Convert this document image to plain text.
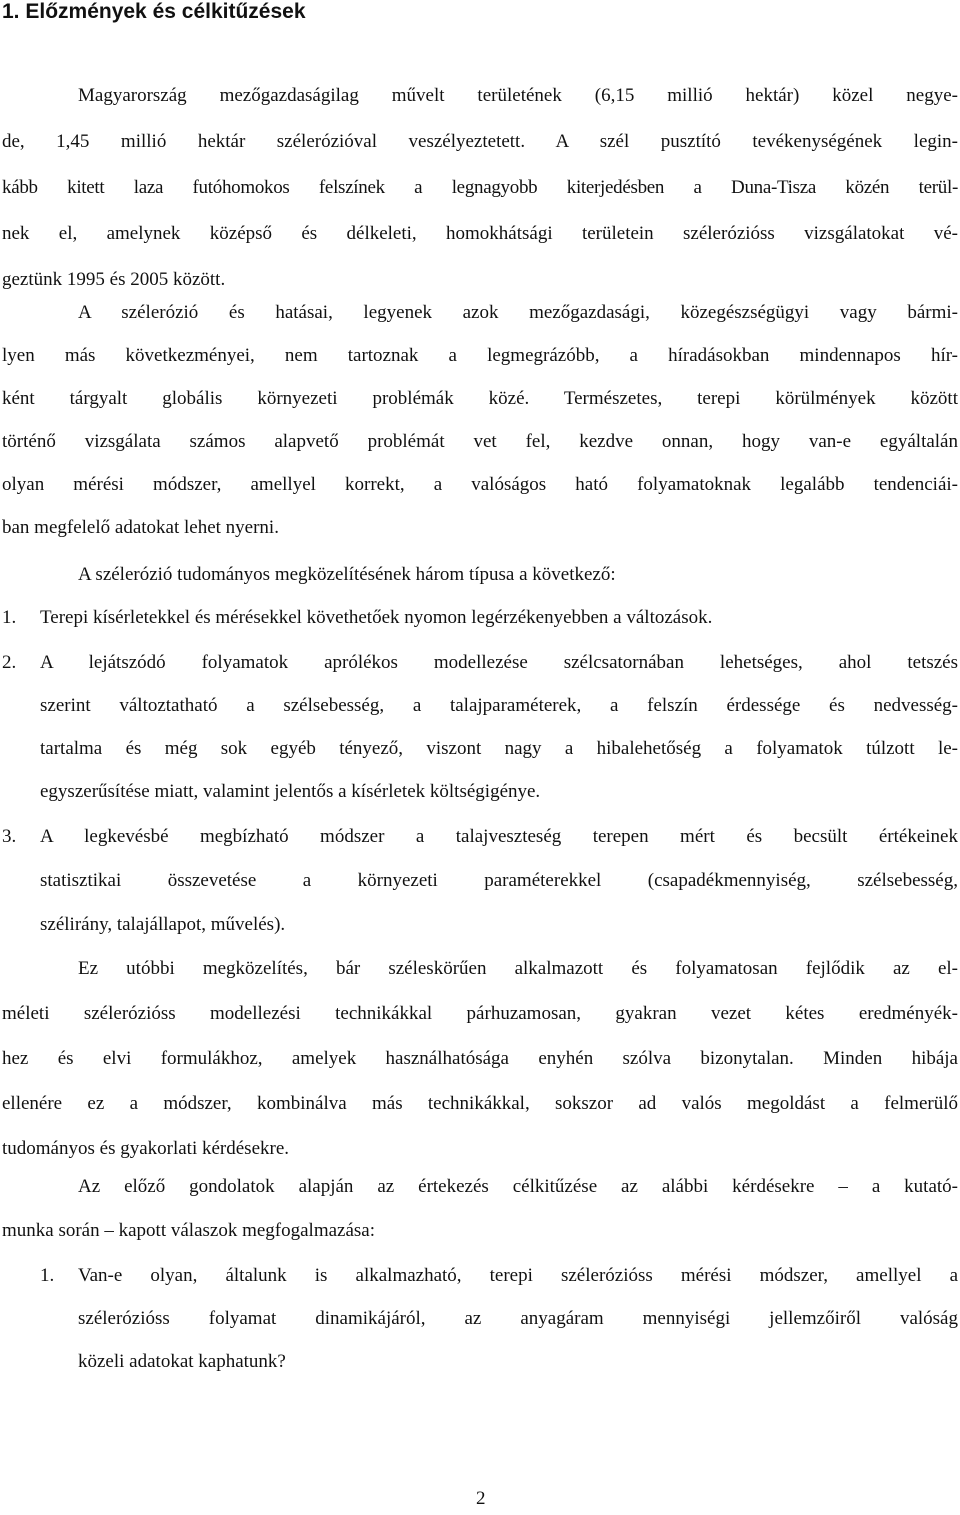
1. Előzmények és célkitűzések
Magyarország mezőgazdaságilag művelt területének (6,15 millió hektár) közel negye-
de, 1,45 millió hektár szélerózióval veszélyeztetett. A szél pusztító tevékenységének legin-
kább kitett laza futóhomokos felszínek a legnagyobb kiterjedésben a Duna-Tisza közén terül-
nek el, amelynek középső és délkeleti, homokhátsági területein szélerózióss vizsgálatokat vé-
geztünk 1995 és 2005 között.
A szélerózió és hatásai, legyenek azok mezőgazdasági, közegészségügyi vagy bármi-
lyen más következményei, nem tartoznak a legmegrázóbb, a híradásokban mindennapos hír-
ként tárgyalt globális környezeti problémák közé. Természetes, terepi körülmények között
történő vizsgálata számos alapvető problémát vet fel, kezdve onnan, hogy van-e egyáltalán
olyan mérési módszer, amellyel korrekt, a valóságos ható folyamatoknak legalább tendenciái-
ban megfelelő adatokat lehet nyerni.
A szélerózió tudományos megközelítésének három típusa a következő:
1. Terepi kísérletekkel és mérésekkel követhetőek nyomon legérzékenyebben a változások.
2. A lejátszódó folyamatok aprólékos modellezése szélcsatornában lehetséges, ahol tetszés
szerint változtatható a szélsebesség, a talajparaméterek, a felszín érdessége és nedvesség-
tartalma és még sok egyéb tényező, viszont nagy a hibalehetőség a folyamatok túlzott le-
egyszerűsítése miatt, valamint jelentős a kísérletek költségigénye.
3. A legkevésbé megbízható módszer a talajveszteség terepen mért és becsült értékeinek
statisztikai összevetése a környezeti paraméterekkel (csapadékmennyiség, szélsebesség,
szélirány, talajállapot, művelés).
Ez utóbbi megközelítés, bár széleskörűen alkalmazott és folyamatosan fejlődik az el-
méleti szélerózióss modellezési technikákkal párhuzamosan, gyakran vezet kétes eredményék-
hez és elvi formulákhoz, amelyek használhatósága enyhén szólva bizonytalan. Minden hibája
ellenére ez a módszer, kombinálva más technikákkal, sokszor ad valós megoldást a felmerülő
tudományos és gyakorlati kérdésekre.
Az előző gondolatok alapján az értekezés célkitűzése az alábbi kérdésekre – a kutató-
munka során – kapott válaszok megfogalmazása:
1. Van-e olyan, általunk is alkalmazható, terepi szélerózióss mérési módszer, amellyel a
szélerózióss folyamat dinamikájáról, az anyagáram mennyiségi jellemzőiről valóság
közeli adatokat kaphatunk?
2
